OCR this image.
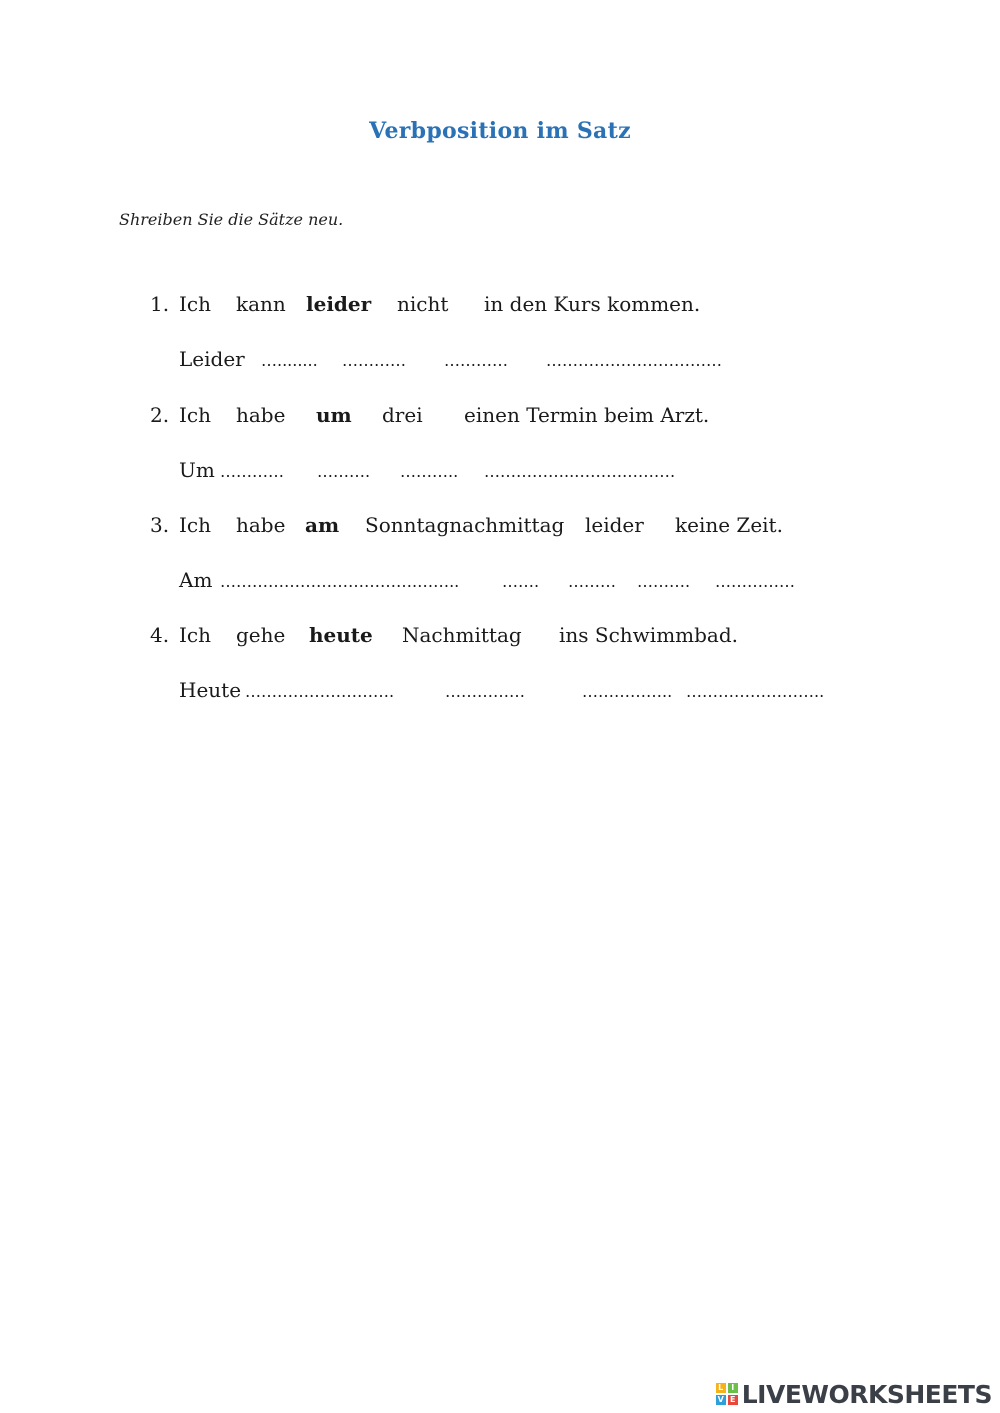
Verbposition im Satz
Shreiben Sie die Sätze neu.
1. Ich kann leider nicht in den Kurs kommen.
Leider …........ ………… ………… ……………………………
2. Ich habe um drei einen Termin beim Arzt.
Um ………… ………. ……….. ……………..……….………
3. Ich habe am Sonntagnachmittag leider keine Zeit.
Am ……………………………….……..	……. ……… ………. ……………
4. Ich gehe heute Nachmittag ins Schwimmbad.
Heute ……………………….	……………	…………….. ……………………..
L I
V E LIVEWORKSHEETS
